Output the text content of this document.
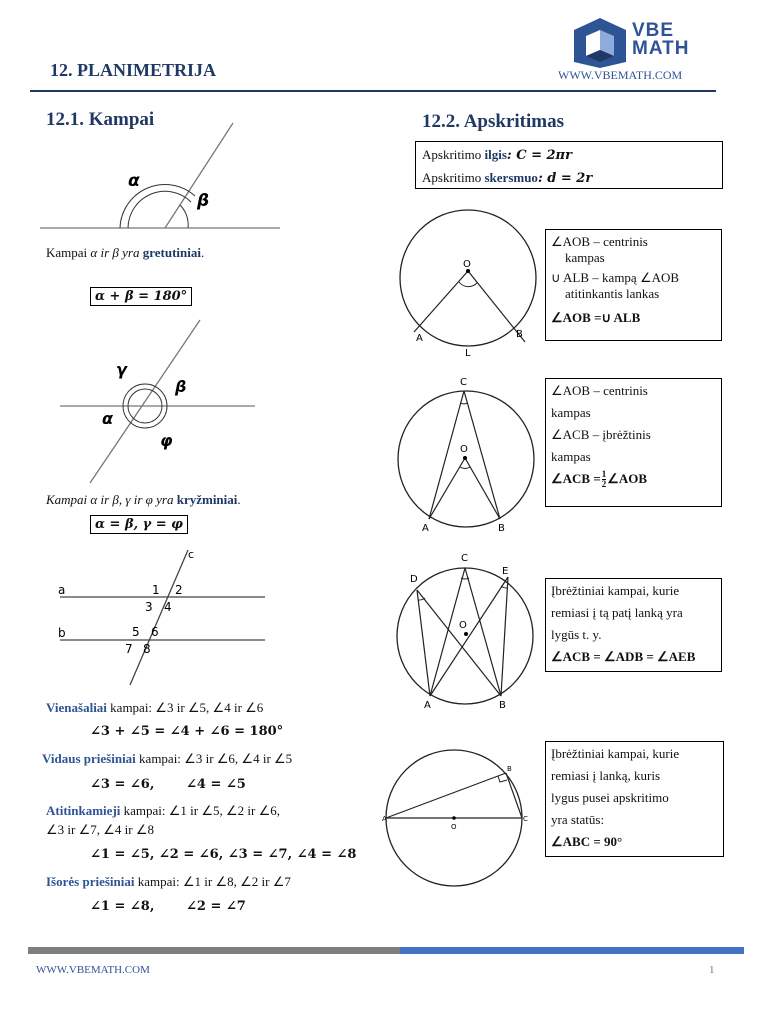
12. PLANIMETRIJA
VBE
MATH
WWW.VBEMATH.COM
12.1. Kampai
α
β
Kampai α ir β yra gretutiniai.
α + β = 180°
γ
β
α
φ
Kampai α ir β, γ ir φ yra kryžminiai.
α = β, γ = φ
c
a
b
1 2
3 4
5 6
7 8
Vienašaliai kampai: ∠3 ir ∠5, ∠4 ir ∠6
∠3 + ∠5 = ∠4 + ∠6 = 180°
Vidaus priešiniai kampai: ∠3 ir ∠6, ∠4 ir ∠5
∠3 = ∠6,       ∠4 = ∠5
Atitinkamieji kampai: ∠1 ir ∠5, ∠2 ir ∠6,
∠3 ir ∠7, ∠4 ir ∠8
∠1 = ∠5, ∠2 = ∠6, ∠3 = ∠7, ∠4 = ∠8
Išorės priešiniai kampai: ∠1 ir ∠8, ∠2 ir ∠7
∠1 = ∠8,       ∠2 = ∠7
12.2. Apskritimas
Apskritimo ilgis: C = 2πr
Apskritimo skersmuo: d = 2r
O
A	B
L
∠AOB – centrinis
kampas
∪ ALB – kampą ∠AOB
atitinkantis lankas
∠AOB =∪ ALB
C
O
A	B
∠AOB – centrinis
kampas
∠ACB – įbrėžtinis
kampas
∠ACB = $\frac{1}{2}$ ∠AOB
C
D
E
O
A	B
Įbrėžtiniai kampai, kurie
remiasi į tą patį lanką yra
lygūs t. y.
∠ACB = ∠ADB = ∠AEB
A
B
C
O
Įbrėžtiniai kampai, kurie
remiasi į lanką, kuris
lygus pusei apskritimo
yra statūs:
∠ABC = 90°
WWW.VBEMATH.COM	1
